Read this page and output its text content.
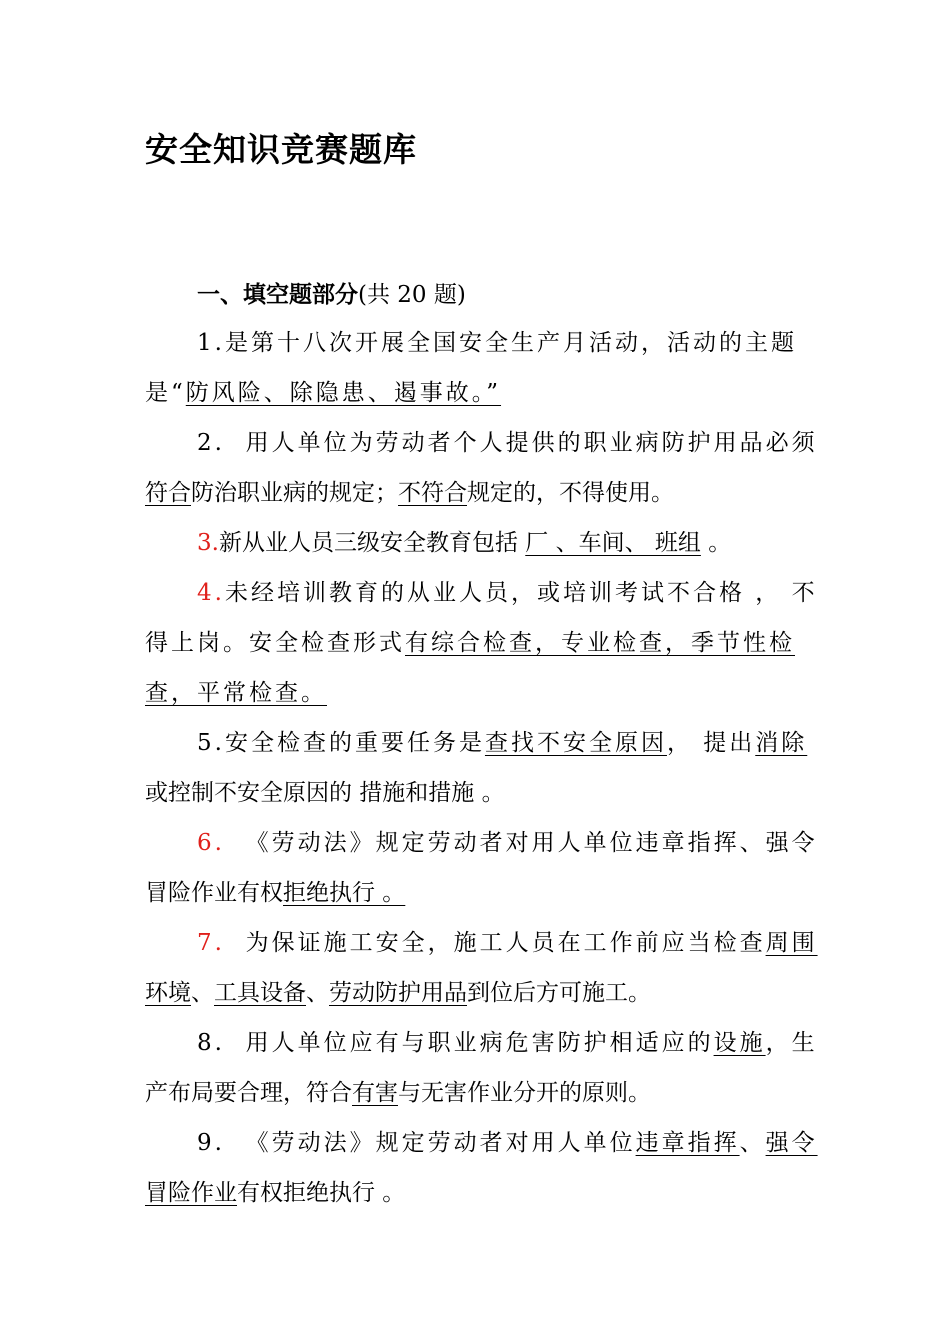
安全知识竞赛题库

一、填空题部分(共 20 题)

1.是第十八次开展全国安全生产月活动，活动的主题
是“防风险、除隐患、遏事故。”
2. 用人单位为劳动者个人提供的职业病防护用品必须
符合防治职业病的规定；不符合规定的，不得使用。
3.新从业人员三级安全教育包括 厂 、车间、 班组 。
4.未经培训教育的从业人员，或培训考试不合格 ， 不
得上岗。安全检查形式有综合检查，专业检查，季节性检
查，平常检查。
5.安全检查的重要任务是查找不安全原因， 提出消除
或控制不安全原因的 措施和措施 。
6. 《劳动法》规定劳动者对用人单位违章指挥、强令
冒险作业有权拒绝执行 。
7. 为保证施工安全，施工人员在工作前应当检查周围
环境、工具设备、劳动防护用品到位后方可施工。
8. 用人单位应有与职业病危害防护相适应的设施，生
产布局要合理，符合有害与无害作业分开的原则。
9. 《劳动法》规定劳动者对用人单位违章指挥、强令
冒险作业有权拒绝执行 。
